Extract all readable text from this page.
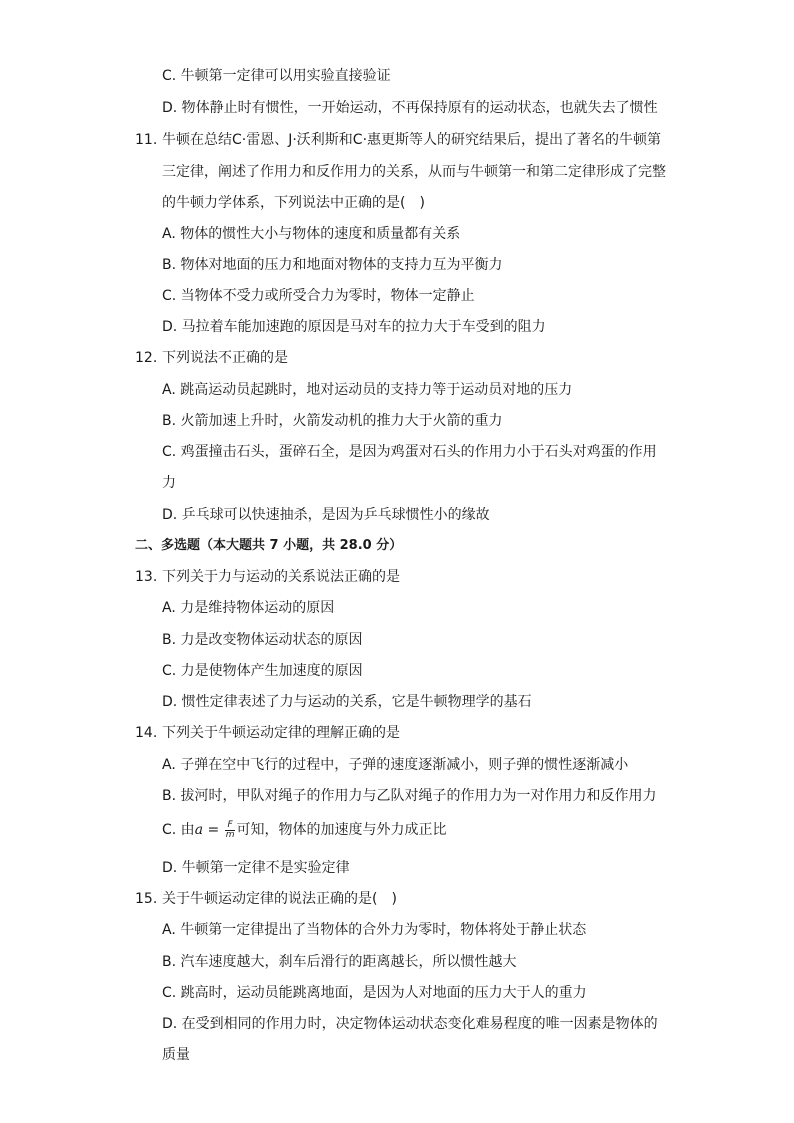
C. 牛顿第一定律可以用实验直接验证
D. 物体静止时有惯性，一开始运动，不再保持原有的运动状态，也就失去了惯性
11. 牛顿在总结C·雷恩、J·沃利斯和C·惠更斯等人的研究结果后，提出了著名的牛顿第
三定律，阐述了作用力和反作用力的关系，从而与牛顿第一和第二定律形成了完整
的牛顿力学体系，下列说法中正确的是(　)
A. 物体的惯性大小与物体的速度和质量都有关系
B. 物体对地面的压力和地面对物体的支持力互为平衡力
C. 当物体不受力或所受合力为零时，物体一定静止
D. 马拉着车能加速跑的原因是马对车的拉力大于车受到的阻力
12. 下列说法不正确的是
A. 跳高运动员起跳时，地对运动员的支持力等于运动员对地的压力
B. 火箭加速上升时，火箭发动机的推力大于火箭的重力
C. 鸡蛋撞击石头，蛋碎石全，是因为鸡蛋对石头的作用力小于石头对鸡蛋的作用
力
D. 乒乓球可以快速抽杀，是因为乒乓球惯性小的缘故
二、多选题（本大题共 7 小题，共 28.0 分）
13. 下列关于力与运动的关系说法正确的是
A. 力是维持物体运动的原因
B. 力是改变物体运动状态的原因
C. 力是使物体产生加速度的原因
D. 惯性定律表述了力与运动的关系，它是牛顿物理学的基石
14. 下列关于牛顿运动定律的理解正确的是
A. 子弹在空中飞行的过程中，子弹的速度逐渐减小，则子弹的惯性逐渐减小
B. 拔河时，甲队对绳子的作用力与乙队对绳子的作用力为一对作用力和反作用力
C. 由$a = \frac{F}{m}$ 可知，物体的加速度与外力成正比
D. 牛顿第一定律不是实验定律
15. 关于牛顿运动定律的说法正确的是(　)
A. 牛顿第一定律提出了当物体的合外力为零时，物体将处于静止状态
B. 汽车速度越大，刹车后滑行的距离越长，所以惯性越大
C. 跳高时，运动员能跳离地面，是因为人对地面的压力大于人的重力
D. 在受到相同的作用力时，决定物体运动状态变化难易程度的唯一因素是物体的
质量
